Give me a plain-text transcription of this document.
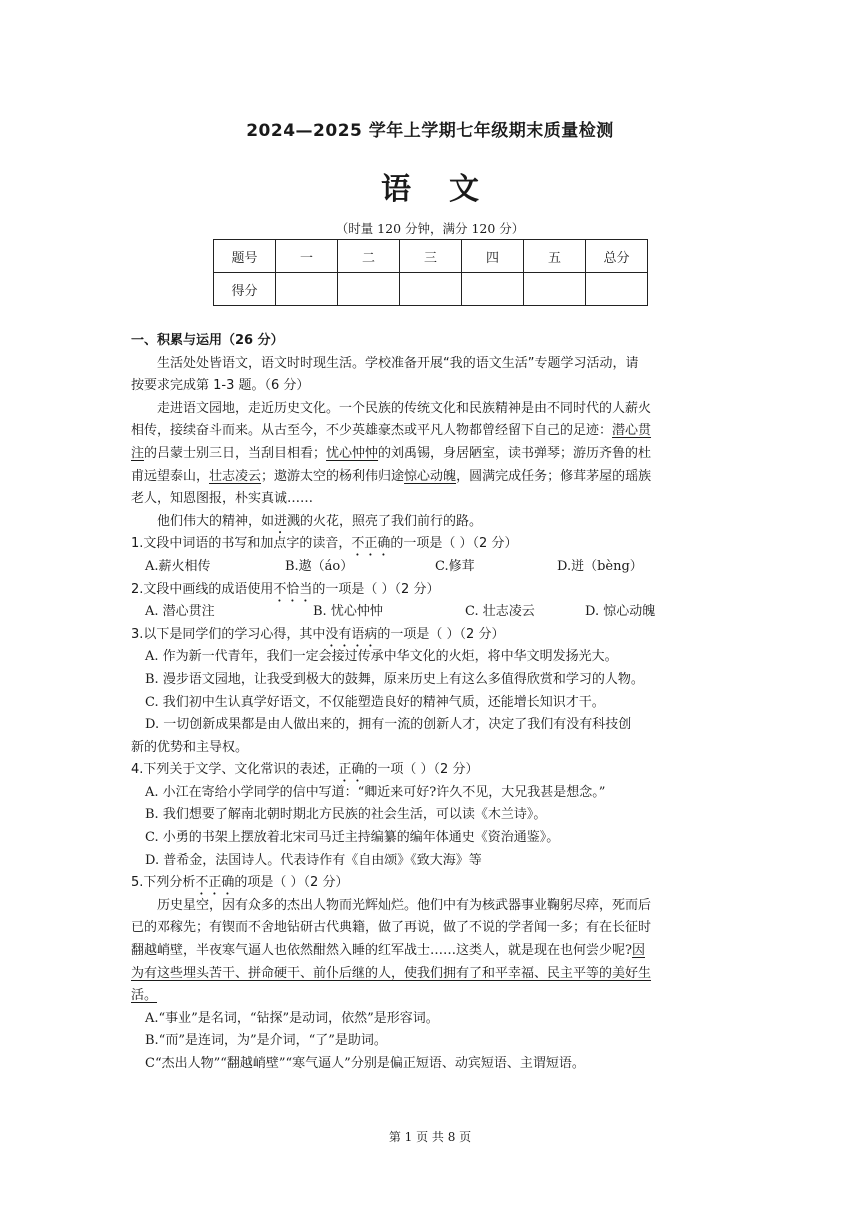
2024—2025 学年上学期七年级期末质量检测
语文
（时量 120 分钟，满分 120 分）
题号	一	二	三	四	五	总分
得分						
一、积累与运用（26 分）
生活处处皆语文，语文时时现生活。学校准备开展“我的语文生活”专题学习活动，请
按要求完成第 1-3 题。（6 分）
走进语文园地，走近历史文化。一个民族的传统文化和民族精神是由不同时代的人薪火
相传，接续奋斗而来。从古至今，不少英雄豪杰或平凡人物都曾经留下自己的足迹：潜心贯
注的吕蒙士别三日，当刮目相看；忧心忡忡的刘禹锡，身居陋室，读书弹琴；游历齐鲁的杜
甫远望泰山，壮志凌云；遨游太空的杨利伟归途惊心动魄，圆满完成任务；修茸茅屋的瑶族
老人，知恩图报，朴实真诚……
他们伟大的精神，如迸溅的火花，照亮了我们前行的路。
1.文段中词语的书写和加点字的读音，不正确的一项是（ ）（2 分）
A.薪火相传	B.遨（áo）	C.修茸	D.迸（bèng）
2.文段中画线的成语使用不恰当的一项是（ ）（2 分）
A. 潜心贯注	B. 忧心忡忡	C. 壮志凌云	D. 惊心动魄
3.以下是同学们的学习心得，其中没有语病的一项是（ ）（2 分）
A. 作为新一代青年，我们一定会接过传承中华文化的火炬，将中华文明发扬光大。
B. 漫步语文园地，让我受到极大的鼓舞，原来历史上有这么多值得欣赏和学习的人物。
C. 我们初中生认真学好语文，不仅能塑造良好的精神气质，还能增长知识才干。
D. 一切创新成果都是由人做出来的，拥有一流的创新人才，决定了我们有没有科技创
新的优势和主导权。
4.下列关于文学、文化常识的表述，正确的一项（ ）（2 分）
A. 小江在寄给小学同学的信中写道：“卿近来可好?许久不见，大兄我甚是想念。”
B. 我们想要了解南北朝时期北方民族的社会生活，可以读《木兰诗》。
C. 小勇的书架上摆放着北宋司马迁主持编纂的编年体通史《资治通鉴》。
D. 普希金，法国诗人。代表诗作有《自由颂》《致大海》等
5.下列分析不正确的项是（ ）（2 分）
历史星空，因有众多的杰出人物而光辉灿烂。他们中有为核武器事业鞠躬尽瘁，死而后
已的邓稼先；有锲而不舍地钻研古代典籍，做了再说，做了不说的学者闻一多；有在长征时
翻越峭壁，半夜寒气逼人也依然酣然入睡的红军战士……这类人，就是现在也何尝少呢?因
为有这些埋头苦干、拼命硬干、前仆后继的人，使我们拥有了和平幸福、民主平等的美好生
活。
A.“事业”是名词，“钻探”是动词，依然”是形容词。
B.“而”是连词，为”是介词，“了”是助词。
C“杰出人物”“翻越峭壁”“寒气逼人”分别是偏正短语、动宾短语、主谓短语。
第 1 页 共 8 页
